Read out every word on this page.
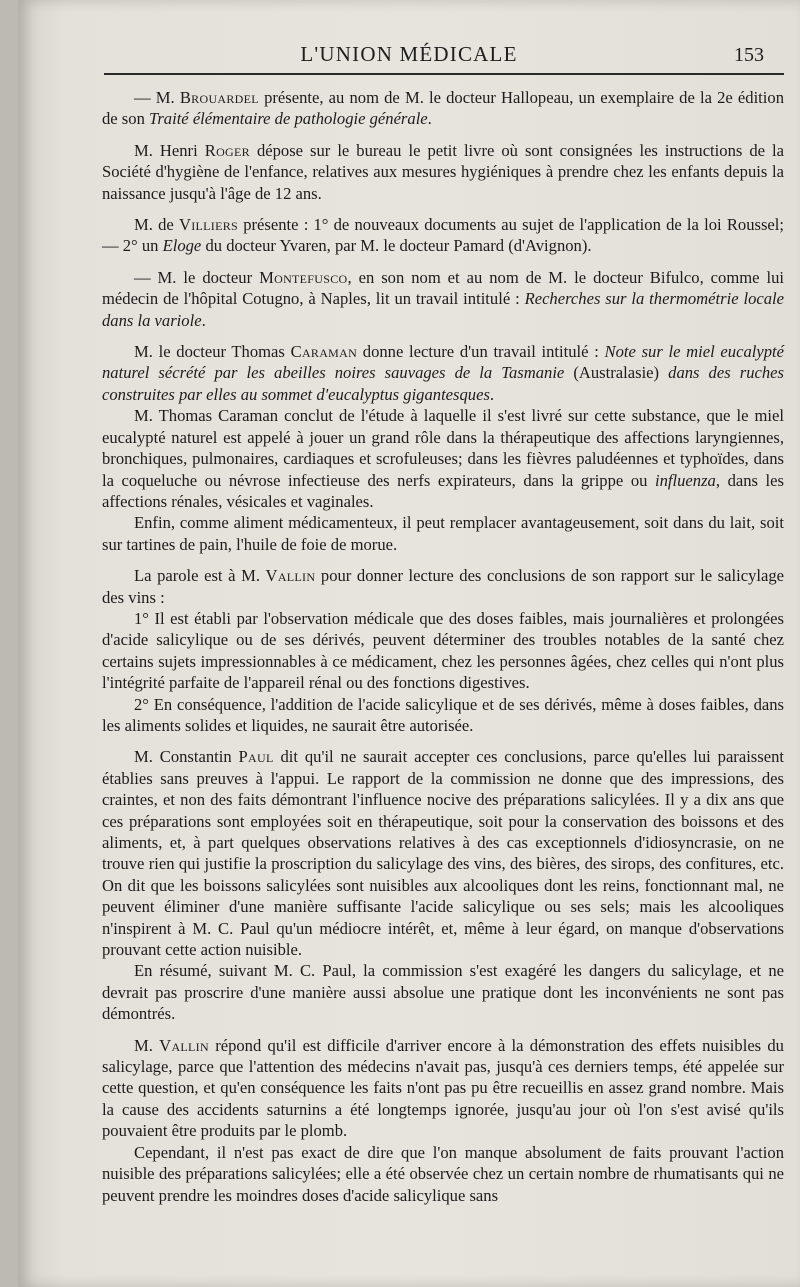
L'UNION MÉDICALE	153

— M. Brouardel présente, au nom de M. le docteur Hallopeau, un exemplaire de la 2e édition de son Traité élémentaire de pathologie générale.

M. Henri Roger dépose sur le bureau le petit livre où sont consignées les instructions de la Société d'hygiène de l'enfance, relatives aux mesures hygiéniques à prendre chez les enfants depuis la naissance jusqu'à l'âge de 12 ans.

M. de Villiers présente : 1° de nouveaux documents au sujet de l'application de la loi Roussel; — 2° un Eloge du docteur Yvaren, par M. le docteur Pamard (d'Avignon).

— M. le docteur Montefusco, en son nom et au nom de M. le docteur Bifulco, comme lui médecin de l'hôpital Cotugno, à Naples, lit un travail intitulé : Recherches sur la thermométrie locale dans la variole.

M. le docteur Thomas Caraman donne lecture d'un travail intitulé : Note sur le miel eucalypté naturel sécrété par les abeilles noires sauvages de la Tasmanie (Australasie) dans des ruches construites par elles au sommet d'eucalyptus gigantesques.

M. Thomas Caraman conclut de l'étude à laquelle il s'est livré sur cette substance, que le miel eucalypté naturel est appelé à jouer un grand rôle dans la thérapeutique des affections laryngiennes, bronchiques, pulmonaires, cardiaques et scrofuleuses; dans les fièvres paludéennes et typhoïdes, dans la coqueluche ou névrose infectieuse des nerfs expirateurs, dans la grippe ou influenza, dans les affections rénales, vésicales et vaginales.

Enfin, comme aliment médicamenteux, il peut remplacer avantageusement, soit dans du lait, soit sur tartines de pain, l'huile de foie de morue.

La parole est à M. Vallin pour donner lecture des conclusions de son rapport sur le salicylage des vins :

1° Il est établi par l'observation médicale que des doses faibles, mais journalières et prolongées d'acide salicylique ou de ses dérivés, peuvent déterminer des troubles notables de la santé chez certains sujets impressionnables à ce médicament, chez les personnes âgées, chez celles qui n'ont plus l'intégrité parfaite de l'appareil rénal ou des fonctions digestives.

2° En conséquence, l'addition de l'acide salicylique et de ses dérivés, même à doses faibles, dans les aliments solides et liquides, ne saurait être autorisée.

M. Constantin Paul dit qu'il ne saurait accepter ces conclusions, parce qu'elles lui paraissent établies sans preuves à l'appui. Le rapport de la commission ne donne que des impressions, des craintes, et non des faits démontrant l'influence nocive des préparations salicylées. Il y a dix ans que ces préparations sont employées soit en thérapeutique, soit pour la conservation des boissons et des aliments, et, à part quelques observations relatives à des cas exceptionnels d'idiosyncrasie, on ne trouve rien qui justifie la proscription du salicylage des vins, des bières, des sirops, des confitures, etc. On dit que les boissons salicylées sont nuisibles aux alcooliques dont les reins, fonctionnant mal, ne peuvent éliminer d'une manière suffisante l'acide salicylique ou ses sels; mais les alcooliques n'inspirent à M. C. Paul qu'un médiocre intérêt, et, même à leur égard, on manque d'observations prouvant cette action nuisible.

En résumé, suivant M. C. Paul, la commission s'est exagéré les dangers du salicylage, et ne devrait pas proscrire d'une manière aussi absolue une pratique dont les inconvénients ne sont pas démontrés.

M. Vallin répond qu'il est difficile d'arriver encore à la démonstration des effets nuisibles du salicylage, parce que l'attention des médecins n'avait pas, jusqu'à ces derniers temps, été appelée sur cette question, et qu'en conséquence les faits n'ont pas pu être recueillis en assez grand nombre. Mais la cause des accidents saturnins a été longtemps ignorée, jusqu'au jour où l'on s'est avisé qu'ils pouvaient être produits par le plomb.

Cependant, il n'est pas exact de dire que l'on manque absolument de faits prouvant l'action nuisible des préparations salicylées; elle a été observée chez un certain nombre de rhumatisants qui ne peuvent prendre les moindres doses d'acide salicylique sans
